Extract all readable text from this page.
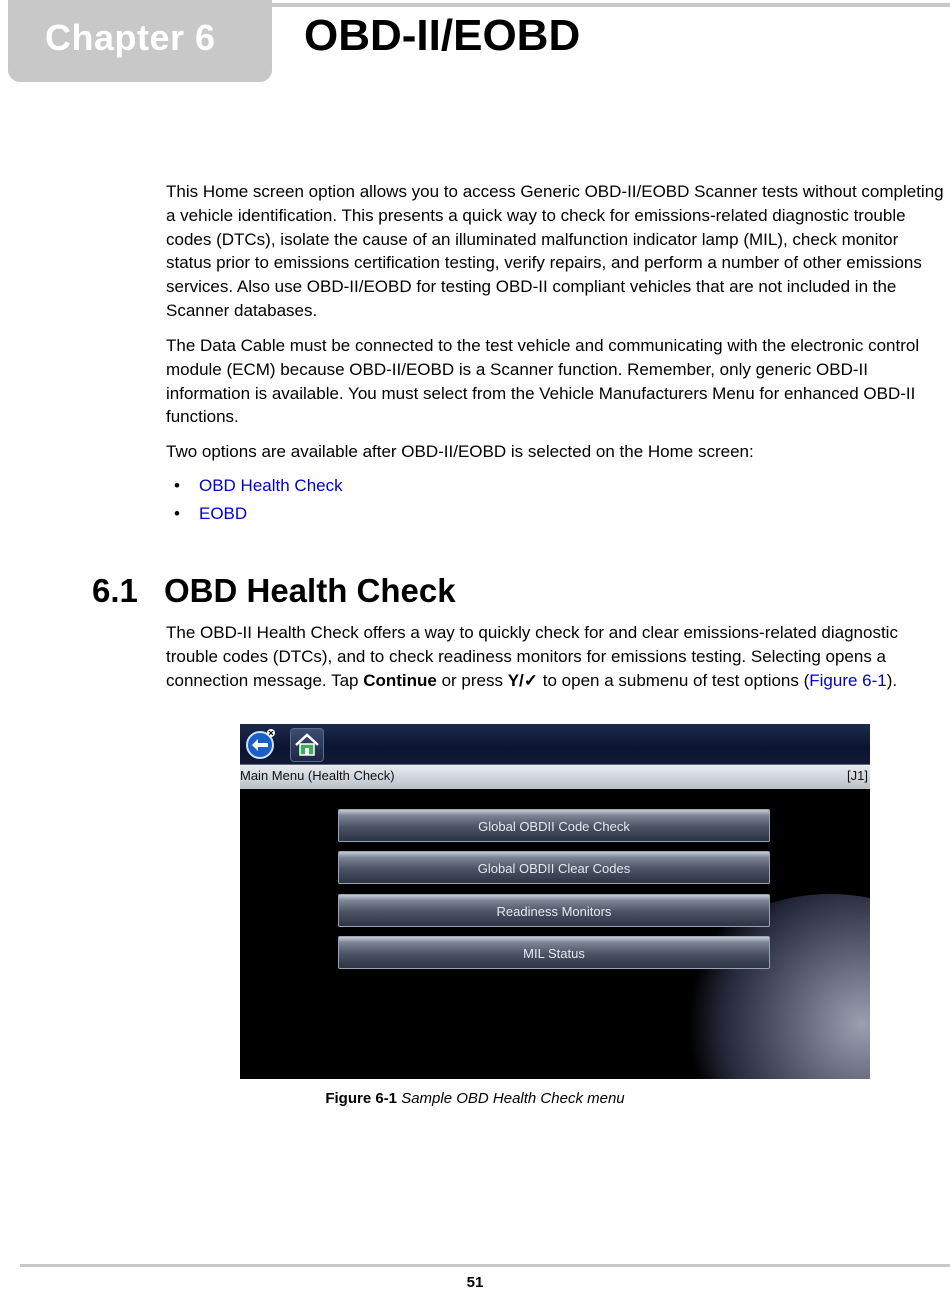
Chapter 6 OBD-II/EOBD

This Home screen option allows you to access Generic OBD-II/EOBD Scanner tests without completing a vehicle identification. This presents a quick way to check for emissions-related diagnostic trouble codes (DTCs), isolate the cause of an illuminated malfunction indicator lamp (MIL), check monitor status prior to emissions certification testing, verify repairs, and perform a number of other emissions services. Also use OBD-II/EOBD for testing OBD-II compliant vehicles that are not included in the Scanner databases.

The Data Cable must be connected to the test vehicle and communicating with the electronic control module (ECM) because OBD-II/EOBD is a Scanner function. Remember, only generic OBD-II information is available. You must select from the Vehicle Manufacturers Menu for enhanced OBD-II functions.

Two options are available after OBD-II/EOBD is selected on the Home screen:

• OBD Health Check
• EOBD
6.1 OBD Health Check

The OBD-II Health Check offers a way to quickly check for and clear emissions-related diagnostic trouble codes (DTCs), and to check readiness monitors for emissions testing. Selecting opens a connection message. Tap Continue or press Y/✓ to open a submenu of test options (Figure 6-1).

Main Menu (Health Check)	[J1]
Global OBDII Code Check
Global OBDII Clear Codes
Readiness Monitors
MIL Status
Figure 6-1 Sample OBD Health Check menu
51
